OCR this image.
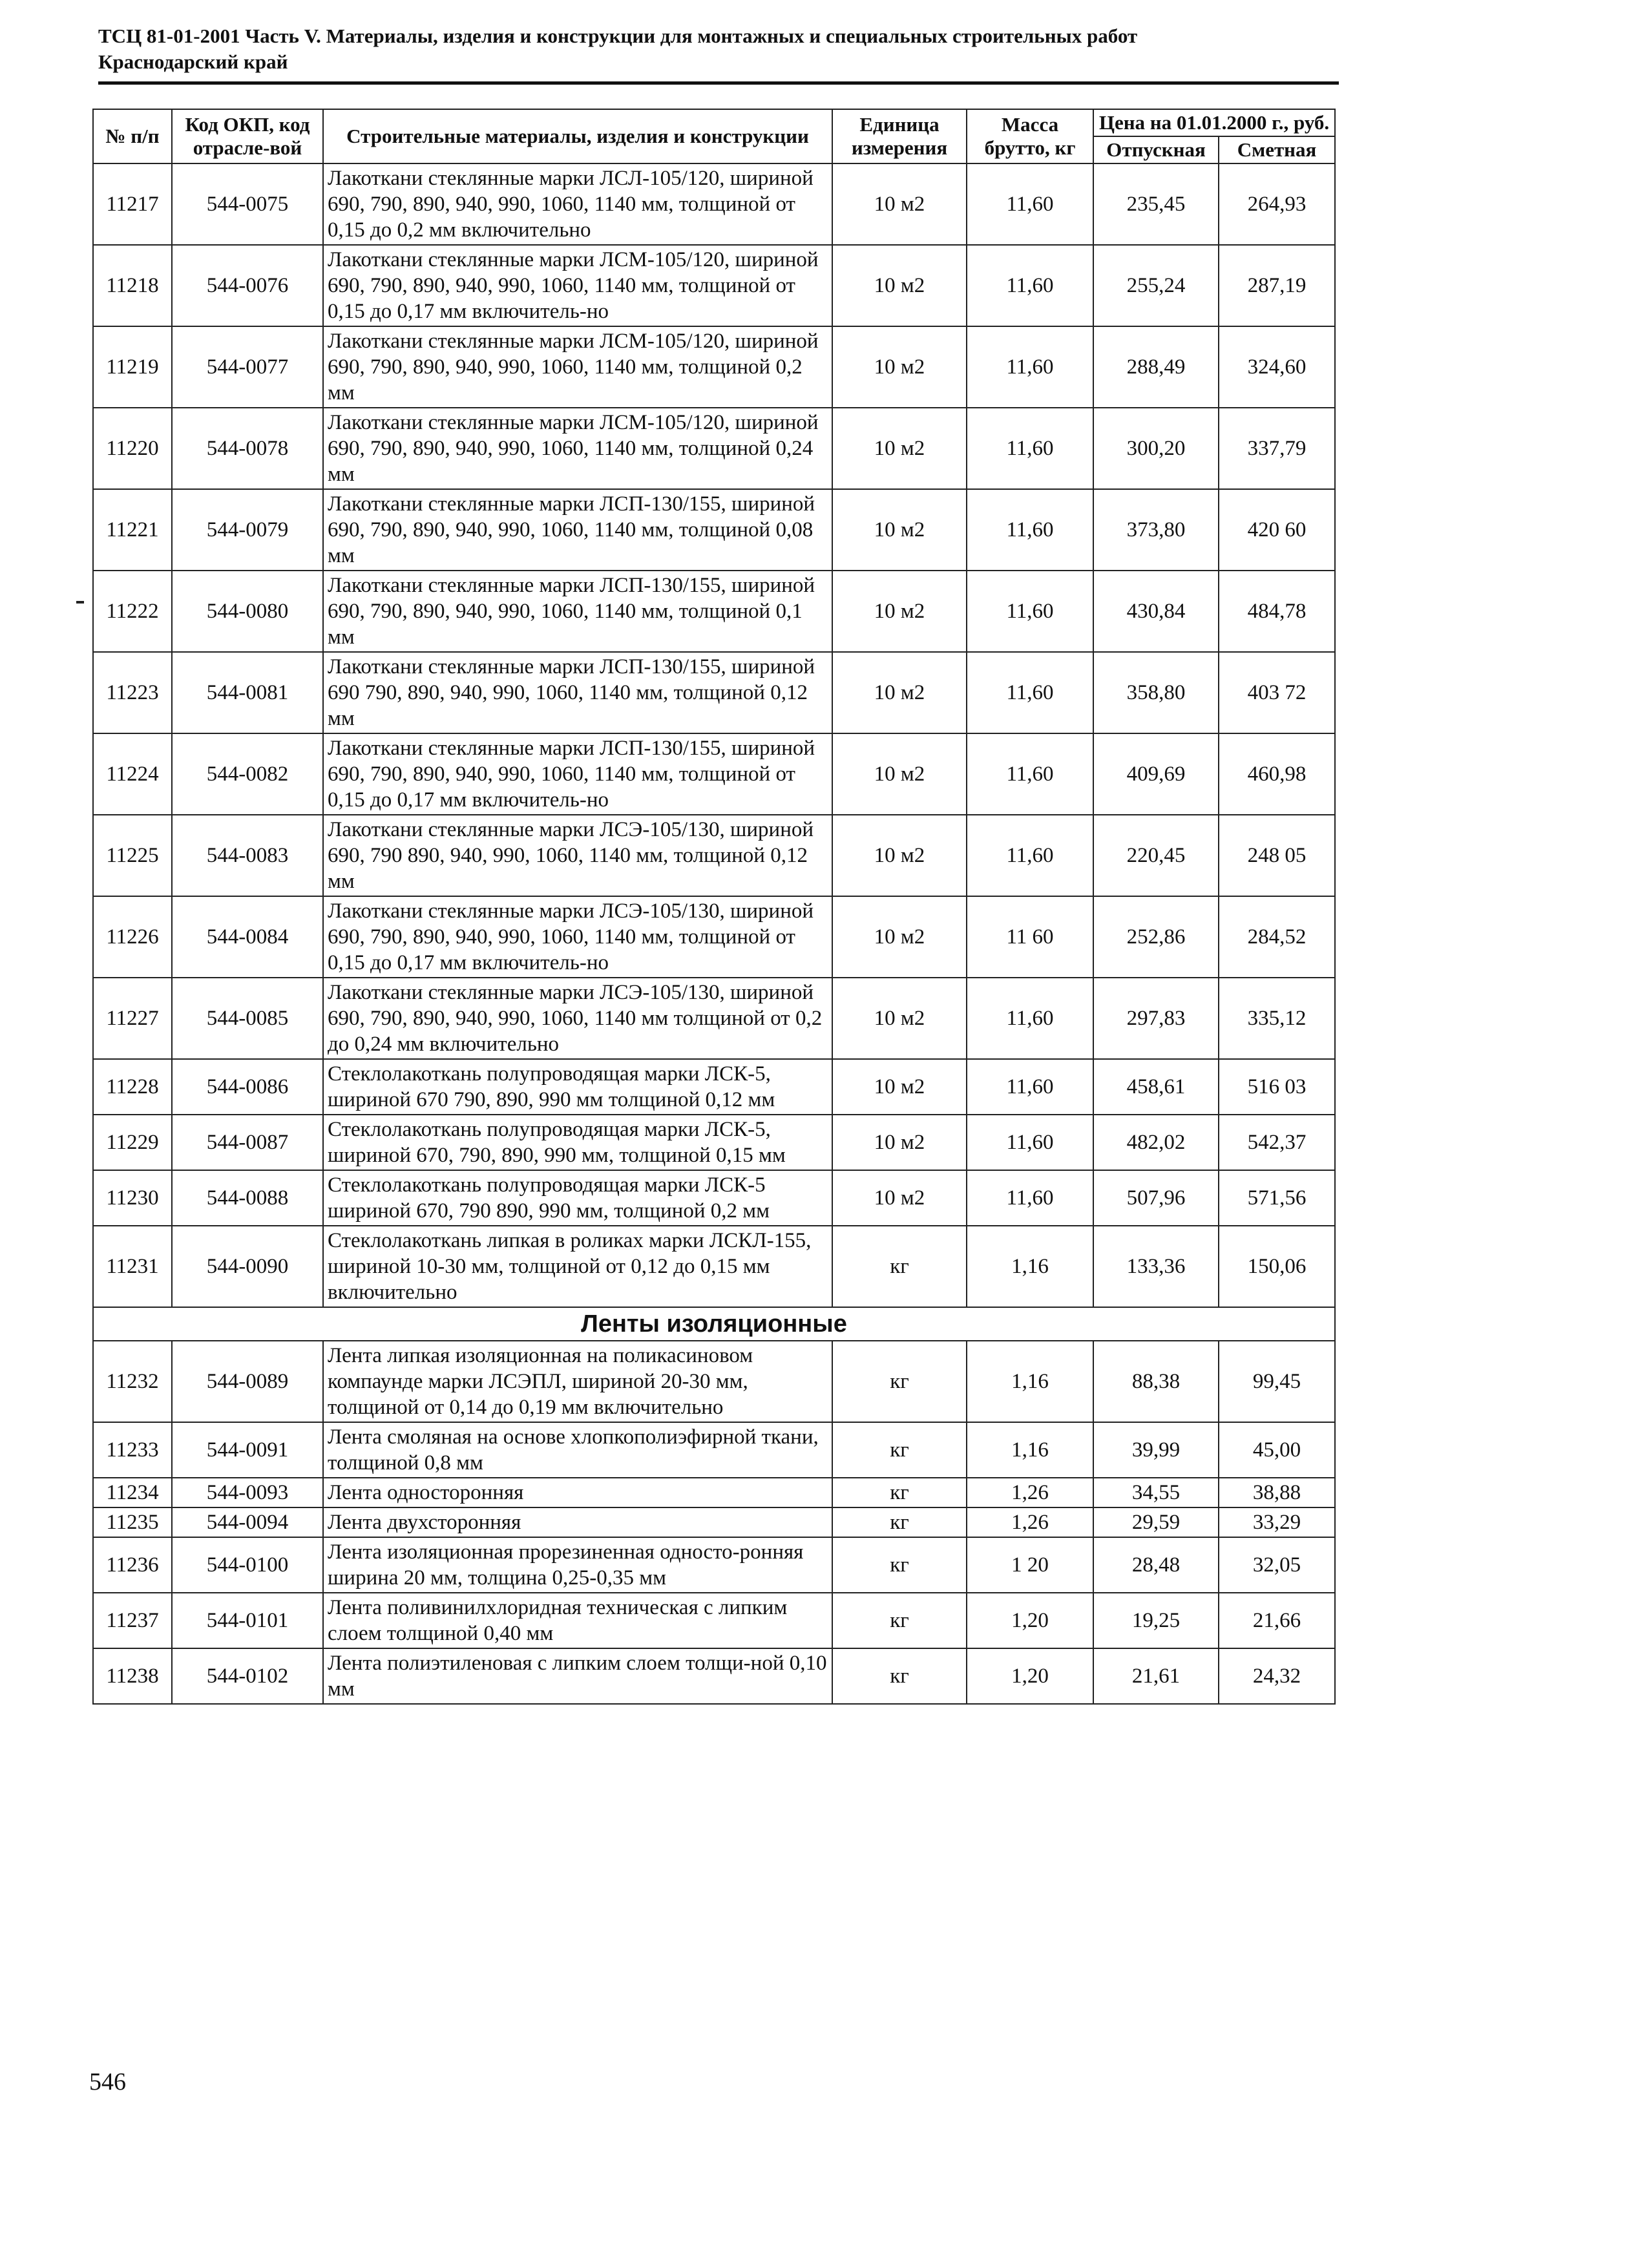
ТСЦ 81-01-2001 Часть V. Материалы, изделия и конструкции для монтажных и специальных строительных работ
Краснодарский край
№ п/п	Код ОКП, код отрасле-вой	Строительные материалы, изделия и конструкции	Единица измерения	Масса брутто, кг	Цена на 01.01.2000 г., руб.	
					Отпускная	Сметная
11217	544-0075	Лакоткани стеклянные марки ЛСЛ-105/120, шириной 690, 790, 890, 940, 990, 1060, 1140 мм, толщиной от 0,15 до 0,2 мм включительно	10 м2	11,60	235,45	264,93
11218	544-0076	Лакоткани стеклянные марки ЛСМ-105/120, шириной 690, 790, 890, 940, 990, 1060, 1140 мм, толщиной от 0,15 до 0,17 мм включитель-но	10 м2	11,60	255,24	287,19
11219	544-0077	Лакоткани стеклянные марки ЛСМ-105/120, шириной 690, 790, 890, 940, 990, 1060, 1140 мм, толщиной 0,2 мм	10 м2	11,60	288,49	324,60
11220	544-0078	Лакоткани стеклянные марки ЛСМ-105/120, шириной 690, 790, 890, 940, 990, 1060, 1140 мм, толщиной 0,24 мм	10 м2	11,60	300,20	337,79
11221	544-0079	Лакоткани стеклянные марки ЛСП-130/155, шириной 690, 790, 890, 940, 990, 1060, 1140 мм, толщиной 0,08 мм	10 м2	11,60	373,80	420 60
11222	544-0080	Лакоткани стеклянные марки ЛСП-130/155, шириной 690, 790, 890, 940, 990, 1060, 1140 мм, толщиной 0,1 мм	10 м2	11,60	430,84	484,78
11223	544-0081	Лакоткани стеклянные марки ЛСП-130/155, шириной 690 790, 890, 940, 990, 1060, 1140 мм, толщиной 0,12 мм	10 м2	11,60	358,80	403 72
11224	544-0082	Лакоткани стеклянные марки ЛСП-130/155, шириной 690, 790, 890, 940, 990, 1060, 1140 мм, толщиной от 0,15 до 0,17 мм включитель-но	10 м2	11,60	409,69	460,98
11225	544-0083	Лакоткани стеклянные марки ЛСЭ-105/130, шириной 690, 790 890, 940, 990, 1060, 1140 мм, толщиной 0,12 мм	10 м2	11,60	220,45	248 05
11226	544-0084	Лакоткани стеклянные марки ЛСЭ-105/130, шириной 690, 790, 890, 940, 990, 1060, 1140 мм, толщиной от 0,15 до 0,17 мм включитель-но	10 м2	11 60	252,86	284,52
11227	544-0085	Лакоткани стеклянные марки ЛСЭ-105/130, шириной 690, 790, 890, 940, 990, 1060, 1140 мм толщиной от 0,2 до 0,24 мм включительно	10 м2	11,60	297,83	335,12
11228	544-0086	Стеклолакоткань полупроводящая марки ЛСК-5, шириной 670 790, 890, 990 мм толщиной 0,12 мм	10 м2	11,60	458,61	516 03
11229	544-0087	Стеклолакоткань полупроводящая марки ЛСК-5, шириной 670, 790, 890, 990 мм, толщиной 0,15 мм	10 м2	11,60	482,02	542,37
11230	544-0088	Стеклолакоткань полупроводящая марки ЛСК-5 шириной 670, 790 890, 990 мм, толщиной 0,2 мм	10 м2	11,60	507,96	571,56
11231	544-0090	Стеклолакоткань липкая в роликах марки ЛСКЛ-155, шириной 10-30 мм, толщиной от 0,12 до 0,15 мм включительно	кг	1,16	133,36	150,06
Ленты изоляционные						
11232	544-0089	Лента липкая изоляционная на поликасиновом компаунде марки ЛСЭПЛ, шириной 20-30 мм, толщиной от 0,14 до 0,19 мм включительно	кг	1,16	88,38	99,45
11233	544-0091	Лента смоляная на основе хлопкополиэфирной ткани, толщиной 0,8 мм	кг	1,16	39,99	45,00
11234	544-0093	Лента односторонняя	кг	1,26	34,55	38,88
11235	544-0094	Лента двухсторонняя	кг	1,26	29,59	33,29
11236	544-0100	Лента изоляционная прорезиненная односто-ронняя ширина 20 мм, толщина 0,25-0,35 мм	кг	1 20	28,48	32,05
11237	544-0101	Лента поливинилхлоридная техническая с липким слоем толщиной 0,40 мм	кг	1,20	19,25	21,66
11238	544-0102	Лента полиэтиленовая с липким слоем толщи-ной 0,10 мм	кг	1,20	21,61	24,32
546
